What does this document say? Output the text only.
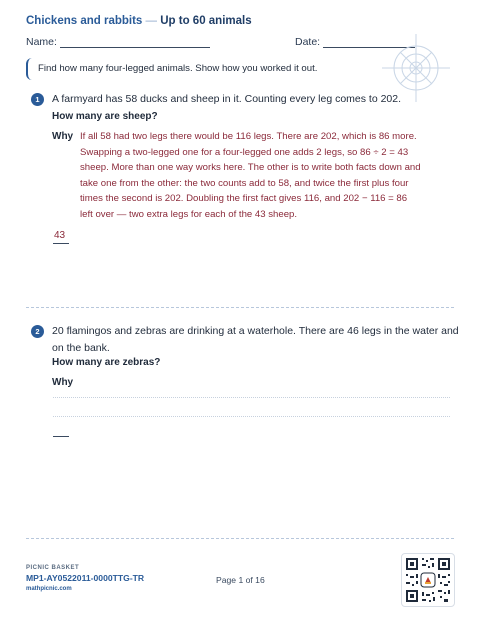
Chickens and rabbits — Up to 60 animals
Name:	Date:
Find how many four-legged animals. Show how you worked it out.
1	A farmyard has 58 ducks and sheep in it. Counting every leg comes to 202.
How many are sheep?
Why If all 58 had two legs there would be 116 legs. There are 202, which is 86 more.
Swapping a two-legged one for a four-legged one adds 2 legs, so 86 ÷ 2 = 43
sheep. More than one way works here. The other is to write both facts down and
take one from the other: the two counts add to 58, and twice the first plus four
times the second is 202. Doubling the first fact gives 116, and 202 − 116 = 86
left over — two extra legs for each of the 43 sheep.
43
2	20 flamingos and zebras are drinking at a waterhole. There are 46 legs in the water and
on the bank.
How many are zebras?
Why
PICNIC BASKET
MP1-AY0522011-0000TTG-TR
mathpicnic.com
Page 1 of 16
